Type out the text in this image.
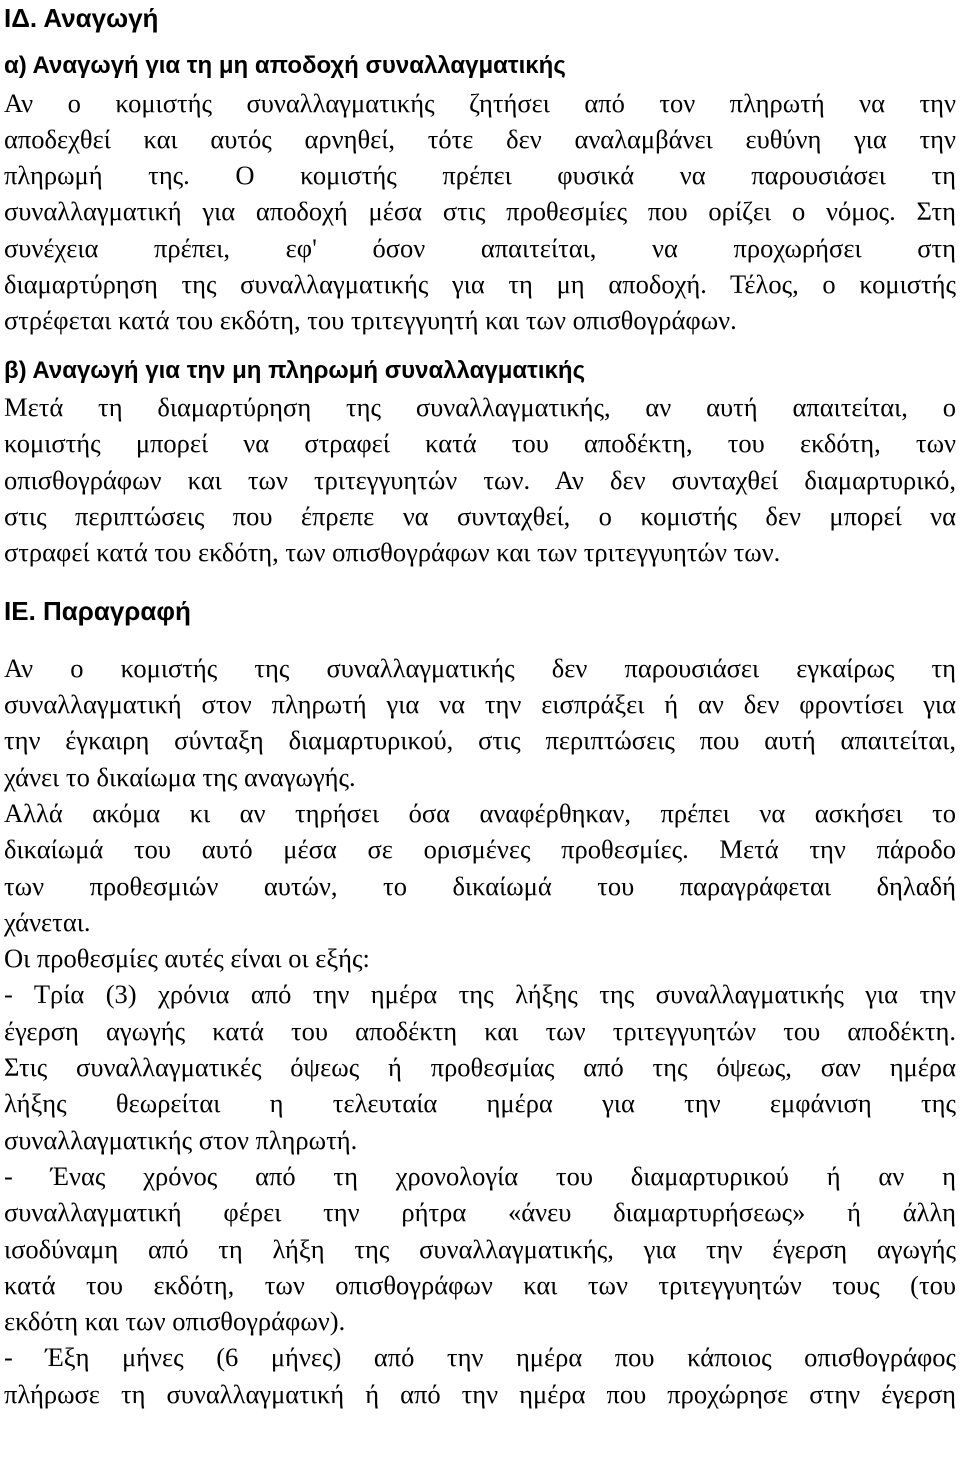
ΙΔ. Αναγωγή
α) Αναγωγή για τη μη αποδοχή συναλλαγματικής
Αν ο κομιστής συναλλαγματικής ζητήσει από τον πληρωτή να την
αποδεχθεί και αυτός αρνηθεί, τότε δεν αναλαμβάνει ευθύνη για την
πληρωμή της. Ο κομιστής πρέπει φυσικά να παρουσιάσει τη
συναλλαγματική για αποδοχή μέσα στις προθεσμίες που ορίζει ο νόμος. Στη
συνέχεια πρέπει, εφ' όσον απαιτείται, να προχωρήσει στη
διαμαρτύρηση της συναλλαγματικής για τη μη αποδοχή. Τέλος, ο κομιστής
στρέφεται κατά του εκδότη, του τριτεγγυητή και των οπισθογράφων.
β) Αναγωγή για την μη πληρωμή συναλλαγματικής
Μετά τη διαμαρτύρηση της συναλλαγματικής, αν αυτή απαιτείται, ο
κομιστής μπορεί να στραφεί κατά του αποδέκτη, του εκδότη, των
οπισθογράφων και των τριτεγγυητών των. Αν δεν συνταχθεί διαμαρτυρικό,
στις περιπτώσεις που έπρεπε να συνταχθεί, ο κομιστής δεν μπορεί να
στραφεί κατά του εκδότη, των οπισθογράφων και των τριτεγγυητών των.
ΙΕ. Παραγραφή
Αν ο κομιστής της συναλλαγματικής δεν παρουσιάσει εγκαίρως τη
συναλλαγματική στον πληρωτή για να την εισπράξει ή αν δεν φροντίσει για
την έγκαιρη σύνταξη διαμαρτυρικού, στις περιπτώσεις που αυτή απαιτείται,
χάνει το δικαίωμα της αναγωγής.
Αλλά ακόμα κι αν τηρήσει όσα αναφέρθηκαν, πρέπει να ασκήσει το
δικαίωμά του αυτό μέσα σε ορισμένες προθεσμίες. Μετά την πάροδο
των προθεσμιών αυτών, το δικαίωμά του παραγράφεται δηλαδή
χάνεται.
Οι προθεσμίες αυτές είναι οι εξής:
- Τρία (3) χρόνια από την ημέρα της λήξης της συναλλαγματικής για την
έγερση αγωγής κατά του αποδέκτη και των τριτεγγυητών του αποδέκτη.
Στις συναλλαγματικές όψεως ή προθεσμίας από της όψεως, σαν ημέρα
λήξης θεωρείται η τελευταία ημέρα για την εμφάνιση της
συναλλαγματικής στον πληρωτή.
- Ένας χρόνος από τη χρονολογία του διαμαρτυρικού ή αν η
συναλλαγματική φέρει την ρήτρα «άνευ διαμαρτυρήσεως» ή άλλη
ισοδύναμη από τη λήξη της συναλλαγματικής, για την έγερση αγωγής
κατά του εκδότη, των οπισθογράφων και των τριτεγγυητών τους (του
εκδότη και των οπισθογράφων).
- Έξη μήνες (6 μήνες) από την ημέρα που κάποιος οπισθογράφος
πλήρωσε τη συναλλαγματική ή από την ημέρα που προχώρησε στην έγερση
